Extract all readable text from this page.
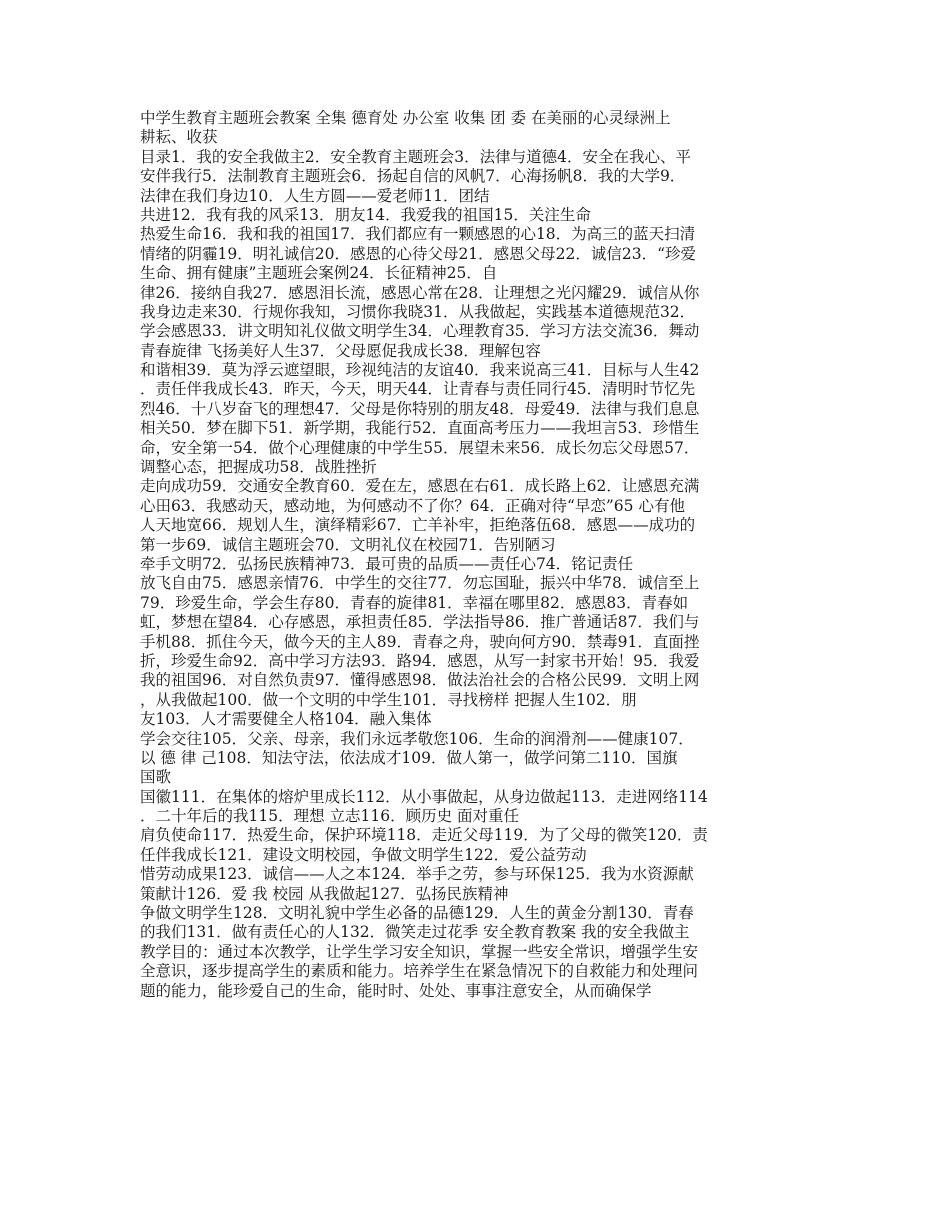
中学生教育主题班会教案 全集 德育处 办公室 收集 团 委 在美丽的心灵绿洲上
耕耘、收获
目录1．我的安全我做主2．安全教育主题班会3．法律与道德4．安全在我心、平
安伴我行5．法制教育主题班会6．扬起自信的风帆7．心海扬帆8．我的大学9．
法律在我们身边10．人生方圆——爱老师11．团结
共进12．我有我的风采13．朋友14．我爱我的祖国15．关注生命
热爱生命16．我和我的祖国17．我们都应有一颗感恩的心18．为高三的蓝天扫清
情绪的阴霾19．明礼诚信20．感恩的心待父母21．感恩父母22．诚信23．“珍爱
生命、拥有健康”主题班会案例24．长征精神25．自
律26．接纳自我27．感恩泪长流，感恩心常在28．让理想之光闪耀29．诚信从你
我身边走来30．行规你我知，习惯你我晓31．从我做起，实践基本道德规范32．
学会感恩33．讲文明知礼仪做文明学生34．心理教育35．学习方法交流36．舞动
青春旋律 飞扬美好人生37．父母愿促我成长38．理解包容
和谐相39．莫为浮云遮望眼，珍视纯洁的友谊40．我来说高三41．目标与人生42
．责任伴我成长43．昨天，今天，明天44．让青春与责任同行45．清明时节忆先
烈46．十八岁奋飞的理想47．父母是你特别的朋友48．母爱49．法律与我们息息
相关50．梦在脚下51．新学期，我能行52．直面高考压力——我坦言53．珍惜生
命，安全第一54．做个心理健康的中学生55．展望未来56．成长勿忘父母恩57．
调整心态，把握成功58．战胜挫折
走向成功59．交通安全教育60．爱在左，感恩在右61．成长路上62．让感恩充满
心田63．我感动天，感动地，为何感动不了你？64．正确对待“早恋”65 心有他
人天地宽66．规划人生，演绎精彩67．亡羊补牢，拒绝落伍68．感恩——成功的
第一步69．诚信主题班会70．文明礼仪在校园71．告别陋习
牵手文明72．弘扬民族精神73．最可贵的品质——责任心74．铭记责任
放飞自由75．感恩亲情76．中学生的交往77．勿忘国耻，振兴中华78．诚信至上
79．珍爱生命，学会生存80．青春的旋律81．幸福在哪里82．感恩83．青春如
虹，梦想在望84．心存感恩，承担责任85．学法指导86．推广普通话87．我们与
手机88．抓住今天，做今天的主人89．青春之舟，驶向何方90．禁毒91．直面挫
折，珍爱生命92．高中学习方法93．路94．感恩，从写一封家书开始！95．我爱
我的祖国96．对自然负责97．懂得感恩98．做法治社会的合格公民99．文明上网
，从我做起100．做一个文明的中学生101．寻找榜样 把握人生102．朋
友103．人才需要健全人格104．融入集体
学会交往105．父亲、母亲，我们永远孝敬您106．生命的润滑剂——健康107．
以 德 律 己108．知法守法，依法成才109．做人第一，做学问第二110．国旗
国歌
国徽111．在集体的熔炉里成长112．从小事做起，从身边做起113．走进网络114
．二十年后的我115．理想 立志116．顾历史 面对重任
肩负使命117．热爱生命，保护环境118．走近父母119．为了父母的微笑120．责
任伴我成长121．建设文明校园，争做文明学生122．爱公益劳动
惜劳动成果123．诚信——人之本124．举手之劳，参与环保125．我为水资源献
策献计126．爱 我 校园 从我做起127．弘扬民族精神
争做文明学生128．文明礼貌中学生必备的品德129．人生的黄金分割130．青春
的我们131．做有责任心的人132．微笑走过花季 安全教育教案 我的安全我做主
教学目的：通过本次教学，让学生学习安全知识，掌握一些安全常识，增强学生安
全意识，逐步提高学生的素质和能力。培养学生在紧急情况下的自救能力和处理问
题的能力，能珍爱自己的生命，能时时、处处、事事注意安全，从而确保学
